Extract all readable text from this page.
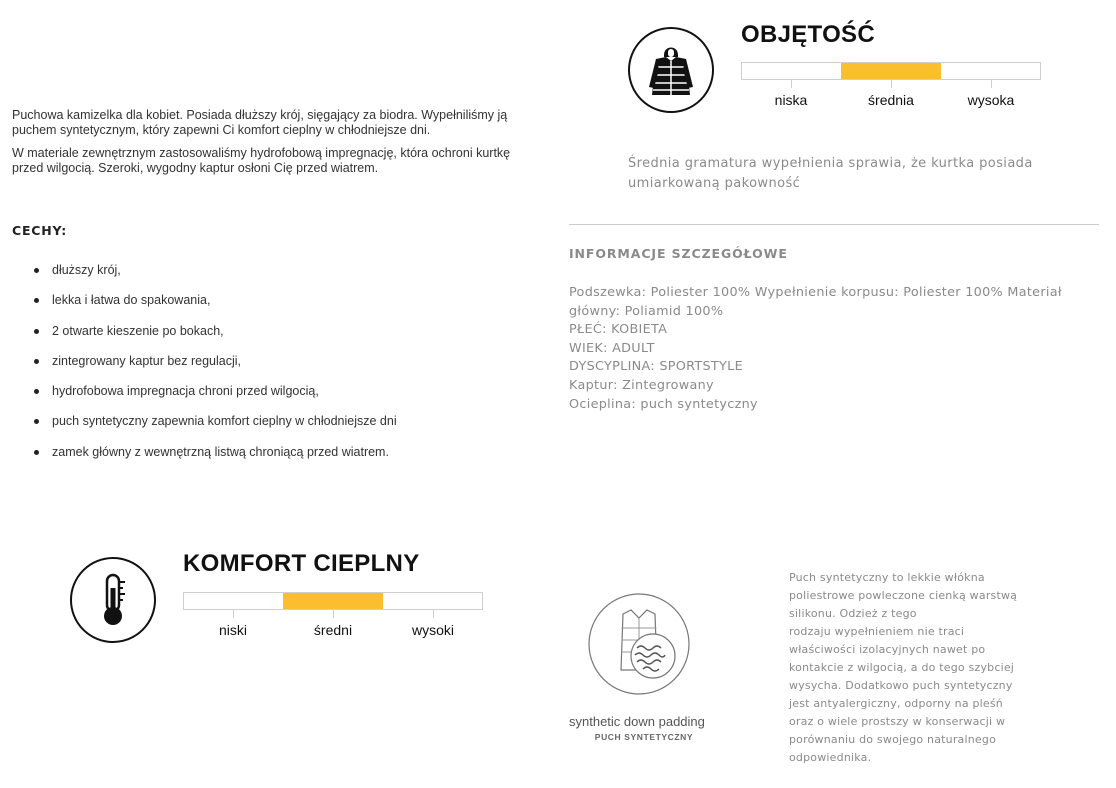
Puchowa kamizelka dla kobiet. Posiada dłuższy krój, sięgający za biodra. Wypełniliśmy ją puchem syntetycznym, który zapewni Ci komfort cieplny w chłodniejsze dni.

W materiale zewnętrznym zastosowaliśmy hydrofobową impregnację, która ochroni kurtkę przed wilgocią. Szeroki, wygodny kaptur osłoni Cię przed wiatrem.

CECHY:
dłuższy krój,
lekka i łatwa do spakowania,
2 otwarte kieszenie po bokach,
zintegrowany kaptur bez regulacji,
hydrofobowa impregnacja chroni przed wilgocią,
puch syntetyczny zapewnia komfort cieplny w chłodniejsze dni
zamek główny z wewnętrzną listwą chroniącą przed wiatrem.
OBJĘTOŚĆ
niska	średnia	wysoka
Średnia gramatura wypełnienia sprawia, że kurtka posiada
umiarkowaną pakowność
INFORMACJE SZCZEGÓŁOWE
Podszewka: Poliester 100% Wypełnienie korpusu: Poliester 100% Materiał
główny: Poliamid 100%
PŁEĆ: KOBIETA
WIEK: ADULT
DYSCYPLINA: SPORTSTYLE
Kaptur: Zintegrowany
Ocieplina: puch syntetyczny
KOMFORT CIEPLNY
niski	średni	wysoki
synthetic down padding
PUCH SYNTETYCZNY
Puch syntetyczny to lekkie włókna
poliestrowe powleczone cienką warstwą
silikonu. Odzież z tego
rodzaju wypełnieniem nie traci
właściwości izolacyjnych nawet po
kontakcie z wilgocią, a do tego szybciej
wysycha. Dodatkowo puch syntetyczny
jest antyalergiczny, odporny na pleśń
oraz o wiele prostszy w konserwacji w
porównaniu do swojego naturalnego
odpowiednika.
